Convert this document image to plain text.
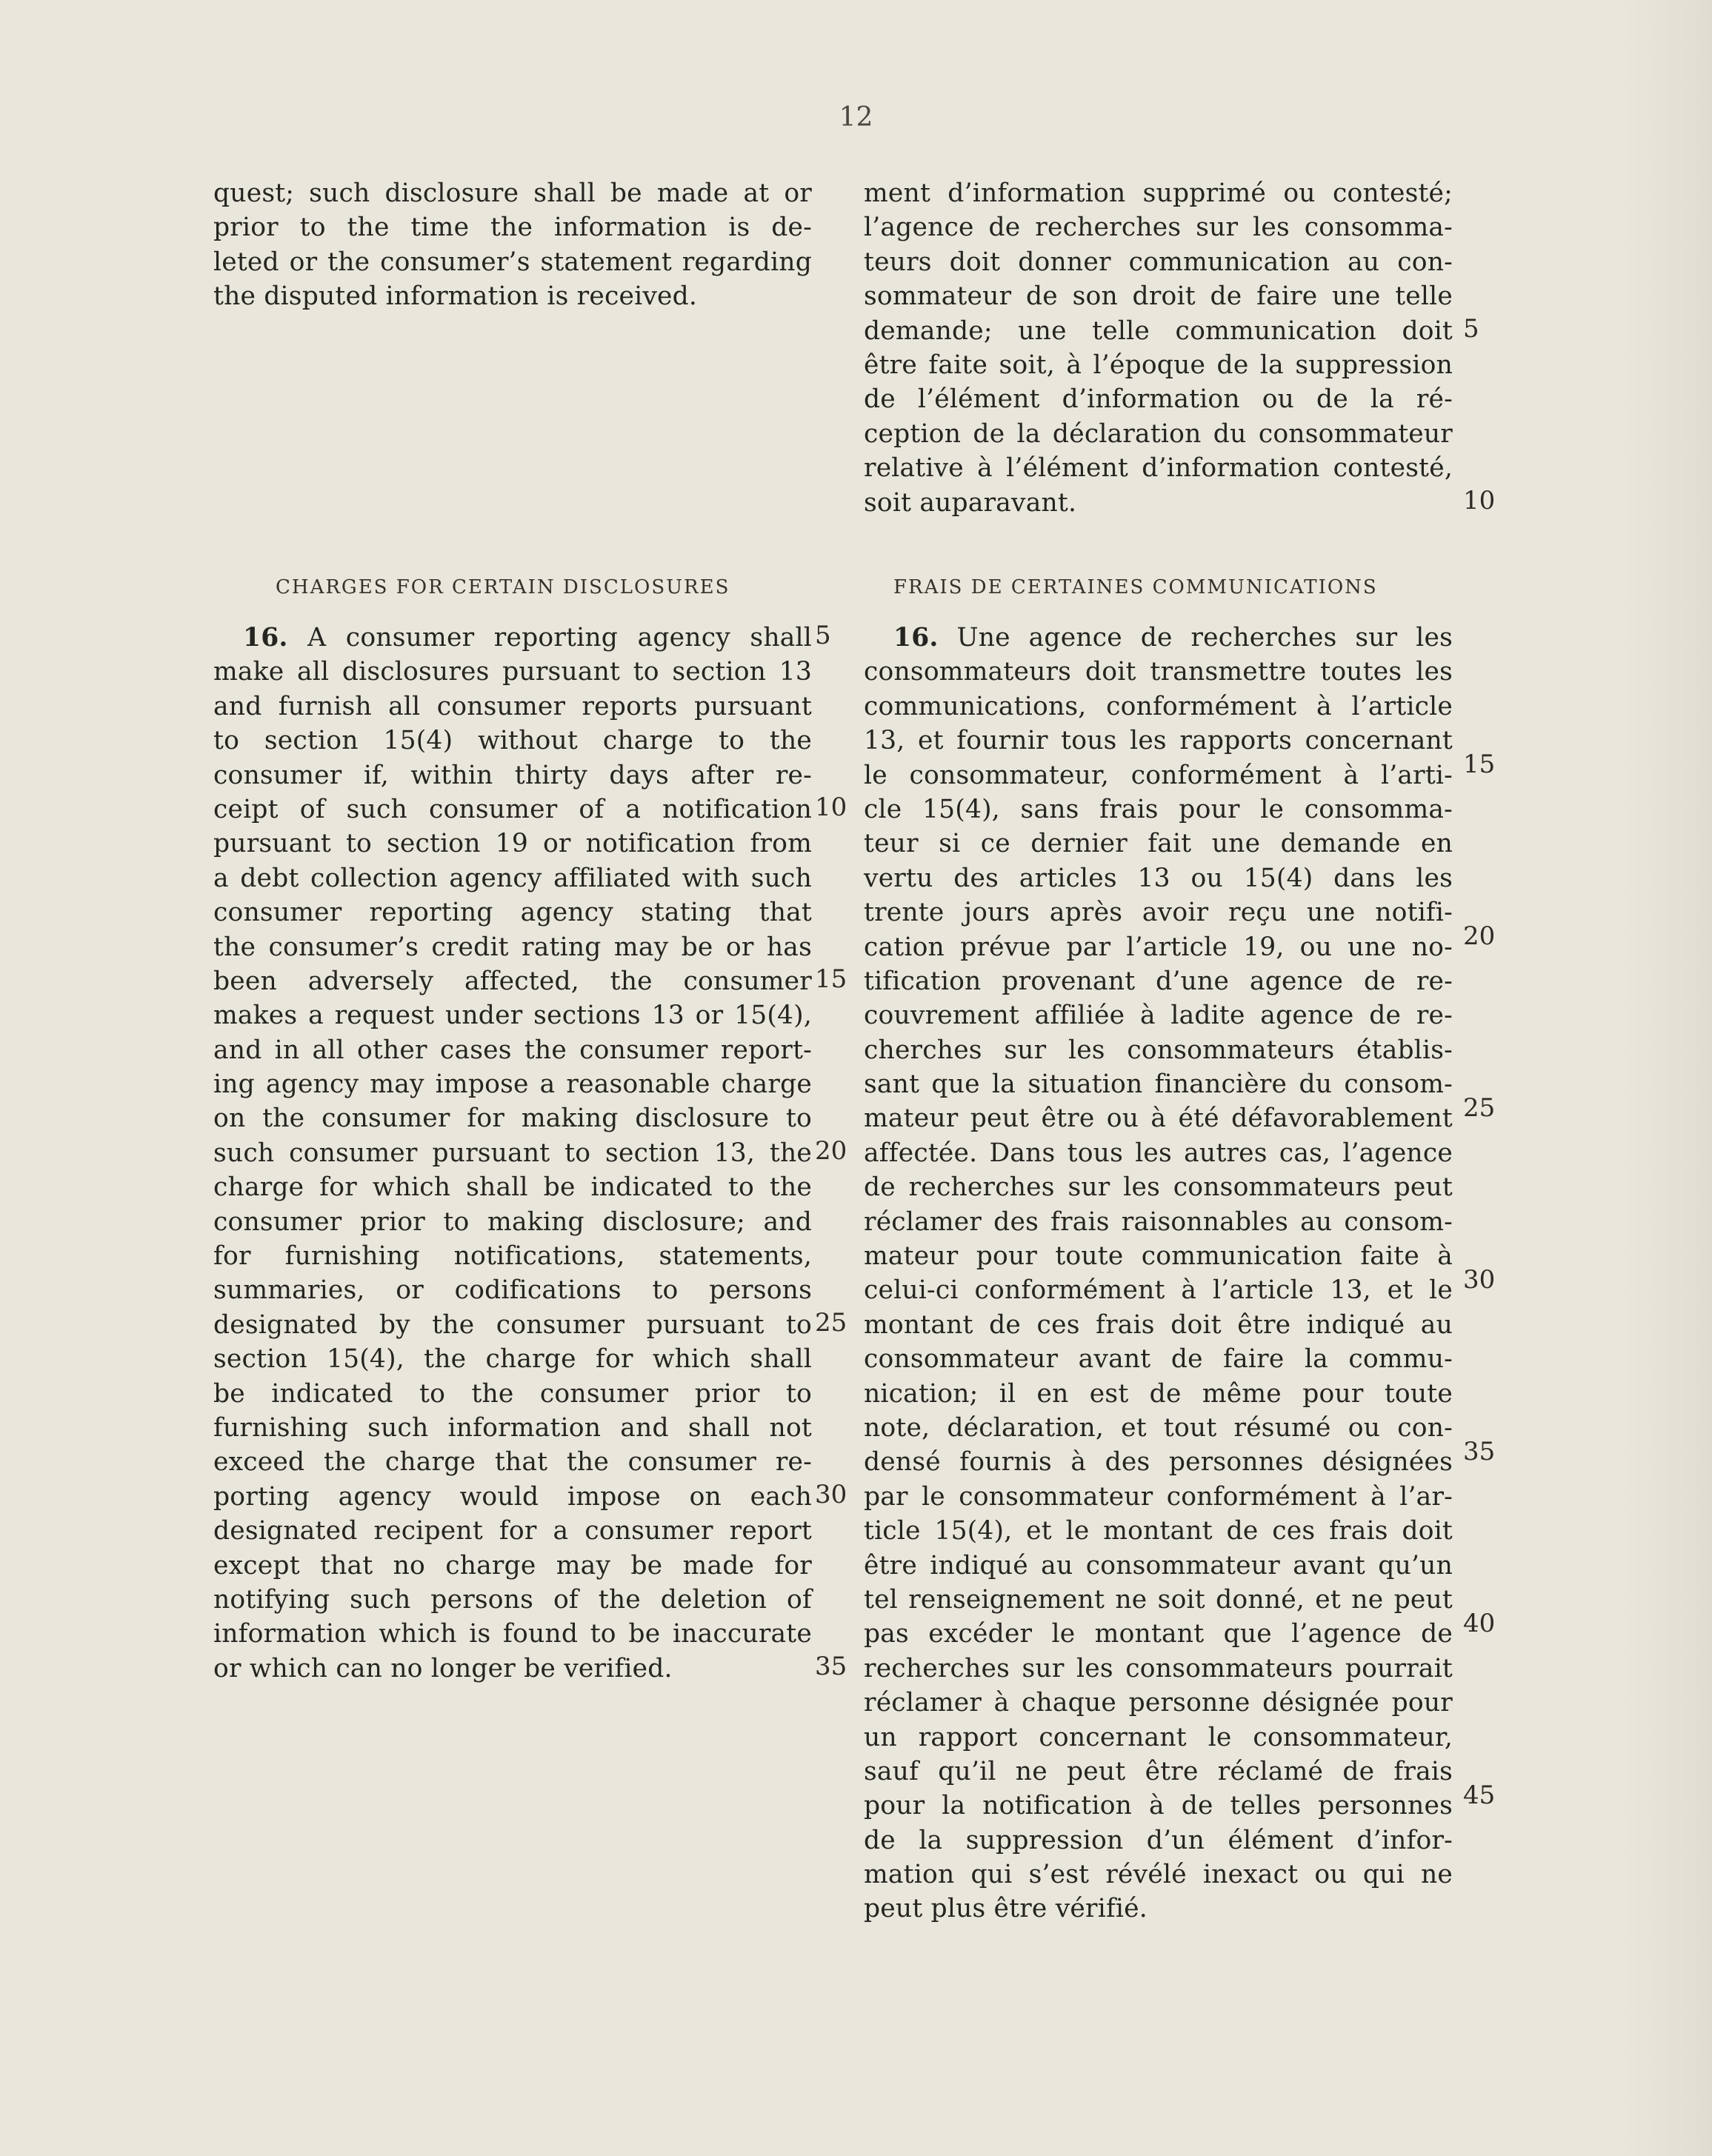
12
quest; such disclosure shall be made at or
prior to the time the information is de-
leted or the consumer’s statement regarding
the disputed information is received.
CHARGES FOR CERTAIN DISCLOSURES
16. A consumer reporting agency shall
make all disclosures pursuant to section 13
and furnish all consumer reports pursuant
to section 15(4) without charge to the
consumer if, within thirty days after re-
ceipt of such consumer of a notification
pursuant to section 19 or notification from
a debt collection agency affiliated with such
consumer reporting agency stating that
the consumer’s credit rating may be or has
been adversely affected, the consumer
makes a request under sections 13 or 15(4),
and in all other cases the consumer report-
ing agency may impose a reasonable charge
on the consumer for making disclosure to
such consumer pursuant to section 13, the
charge for which shall be indicated to the
consumer prior to making disclosure; and
for furnishing notifications, statements,
summaries, or codifications to persons
designated by the consumer pursuant to
section 15(4), the charge for which shall
be indicated to the consumer prior to
furnishing such information and shall not
exceed the charge that the consumer re-
porting agency would impose on each
designated recipent for a consumer report
except that no charge may be made for
notifying such persons of the deletion of
information which is found to be inaccurate
or which can no longer be verified.
ment d’information supprimé ou contesté;
l’agence de recherches sur les consomma-
teurs doit donner communication au con-
sommateur de son droit de faire une telle
demande; une telle communication doit
être faite soit, à l’époque de la suppression
de l’élément d’information ou de la ré-
ception de la déclaration du consommateur
relative à l’élément d’information contesté,
soit auparavant.
FRAIS DE CERTAINES COMMUNICATIONS
16. Une agence de recherches sur les
consommateurs doit transmettre toutes les
communications, conformément à l’article
13, et fournir tous les rapports concernant
le consommateur, conformément à l’arti-
cle 15(4), sans frais pour le consomma-
teur si ce dernier fait une demande en
vertu des articles 13 ou 15(4) dans les
trente jours après avoir reçu une notifi-
cation prévue par l’article 19, ou une no-
tification provenant d’une agence de re-
couvrement affiliée à ladite agence de re-
cherches sur les consommateurs établis-
sant que la situation financière du consom-
mateur peut être ou à été défavorablement
affectée. Dans tous les autres cas, l’agence
de recherches sur les consommateurs peut
réclamer des frais raisonnables au consom-
mateur pour toute communication faite à
celui-ci conformément à l’article 13, et le
montant de ces frais doit être indiqué au
consommateur avant de faire la commu-
nication; il en est de même pour toute
note, déclaration, et tout résumé ou con-
densé fournis à des personnes désignées
par le consommateur conformément à l’ar-
ticle 15(4), et le montant de ces frais doit
être indiqué au consommateur avant qu’un
tel renseignement ne soit donné, et ne peut
pas excéder le montant que l’agence de
recherches sur les consommateurs pourrait
réclamer à chaque personne désignée pour
un rapport concernant le consommateur,
sauf qu’il ne peut être réclamé de frais
pour la notification à de telles personnes
de la suppression d’un élément d’infor-
mation qui s’est révélé inexact ou qui ne
peut plus être vérifié.
5
10
15
20
25
30
35
5
10
15
20
25
30
35
40
45
